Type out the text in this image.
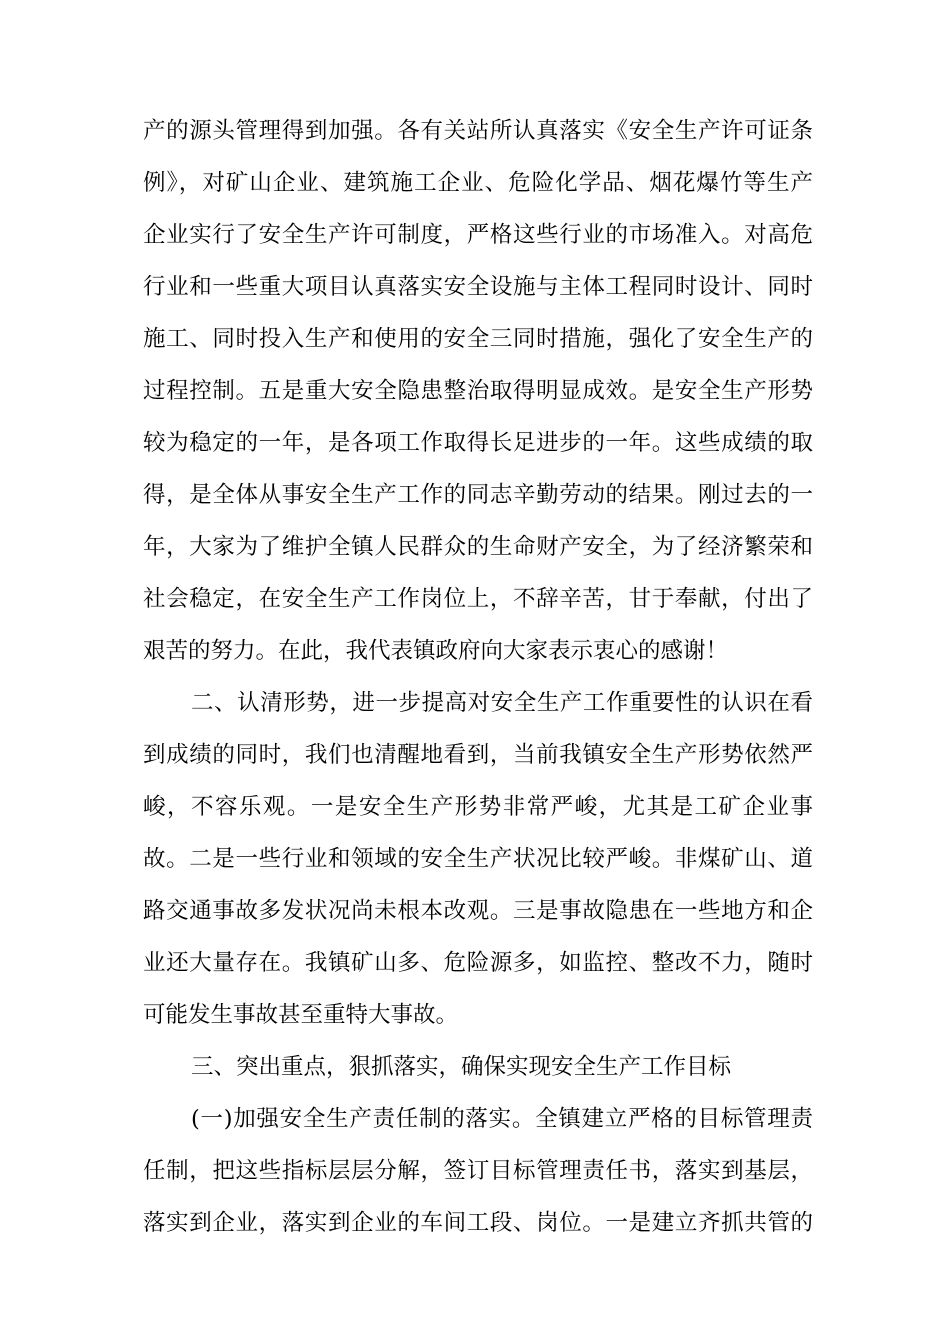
产的源头管理得到加强。各有关站所认真落实《安全生产许可证条
例》，对矿山企业、建筑施工企业、危险化学品、烟花爆竹等生产
企业实行了安全生产许可制度，严格这些行业的市场准入。对高危
行业和一些重大项目认真落实安全设施与主体工程同时设计、同时
施工、同时投入生产和使用的安全三同时措施，强化了安全生产的
过程控制。五是重大安全隐患整治取得明显成效。是安全生产形势
较为稳定的一年，是各项工作取得长足进步的一年。这些成绩的取
得，是全体从事安全生产工作的同志辛勤劳动的结果。刚过去的一
年，大家为了维护全镇人民群众的生命财产安全，为了经济繁荣和
社会稳定，在安全生产工作岗位上，不辞辛苦，甘于奉献，付出了
艰苦的努力。在此，我代表镇政府向大家表示衷心的感谢！
二、认清形势，进一步提高对安全生产工作重要性的认识在看
到成绩的同时，我们也清醒地看到，当前我镇安全生产形势依然严
峻，不容乐观。一是安全生产形势非常严峻，尤其是工矿企业事
故。二是一些行业和领域的安全生产状况比较严峻。非煤矿山、道
路交通事故多发状况尚未根本改观。三是事故隐患在一些地方和企
业还大量存在。我镇矿山多、危险源多，如监控、整改不力，随时
可能发生事故甚至重特大事故。
三、突出重点，狠抓落实，确保实现安全生产工作目标
(一)加强安全生产责任制的落实。全镇建立严格的目标管理责
任制，把这些指标层层分解，签订目标管理责任书，落实到基层，
落实到企业，落实到企业的车间工段、岗位。一是建立齐抓共管的
